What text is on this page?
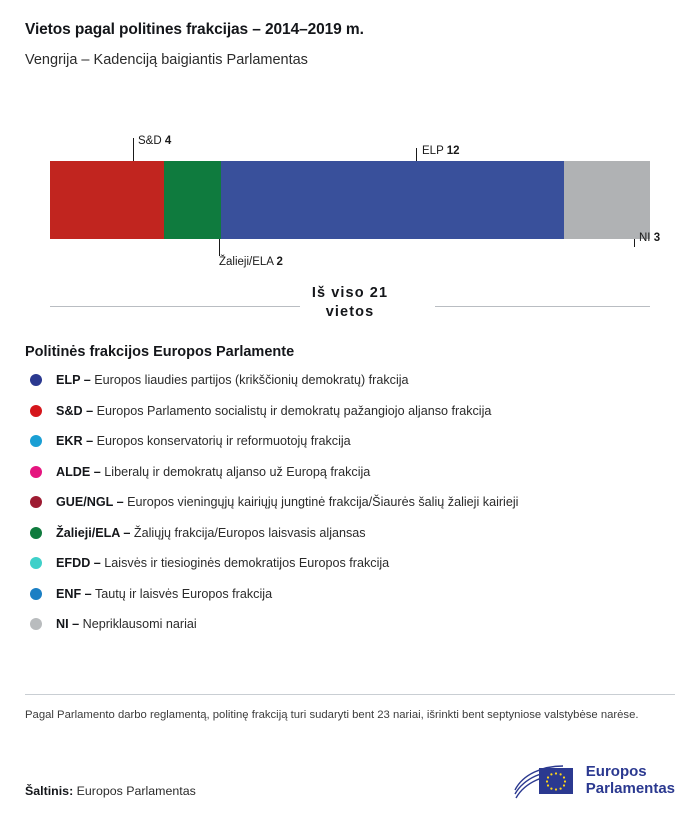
Vietos pagal politines frakcijas – 2014–2019 m.
Vengrija – Kadenciją baigiantis Parlamentas
S&D 4
ELP 12
Žalieji/ELA 2
NI 3
Iš viso 21
vietos
Politinės frakcijos Europos Parlamente
ELP – Europos liaudies partijos (krikščionių demokratų) frakcija
S&D – Europos Parlamento socialistų ir demokratų pažangiojo aljanso frakcija
EKR – Europos konservatorių ir reformuotojų frakcija
ALDE – Liberalų ir demokratų aljanso už Europą frakcija
GUE/NGL – Europos vieningųjų kairiųjų jungtinė frakcija/Šiaurės šalių žalieji kairieji
Žalieji/ELA – Žaliųjų frakcija/Europos laisvasis aljansas
EFDD – Laisvės ir tiesioginės demokratijos Europos frakcija
ENF – Tautų ir laisvės Europos frakcija
NI – Nepriklausomi nariai
Pagal Parlamento darbo reglamentą, politinę frakciją turi sudaryti bent 23 nariai, išrinkti bent septyniose valstybėse narėse.
Šaltinis: Europos Parlamentas
Europos
Parlamentas
